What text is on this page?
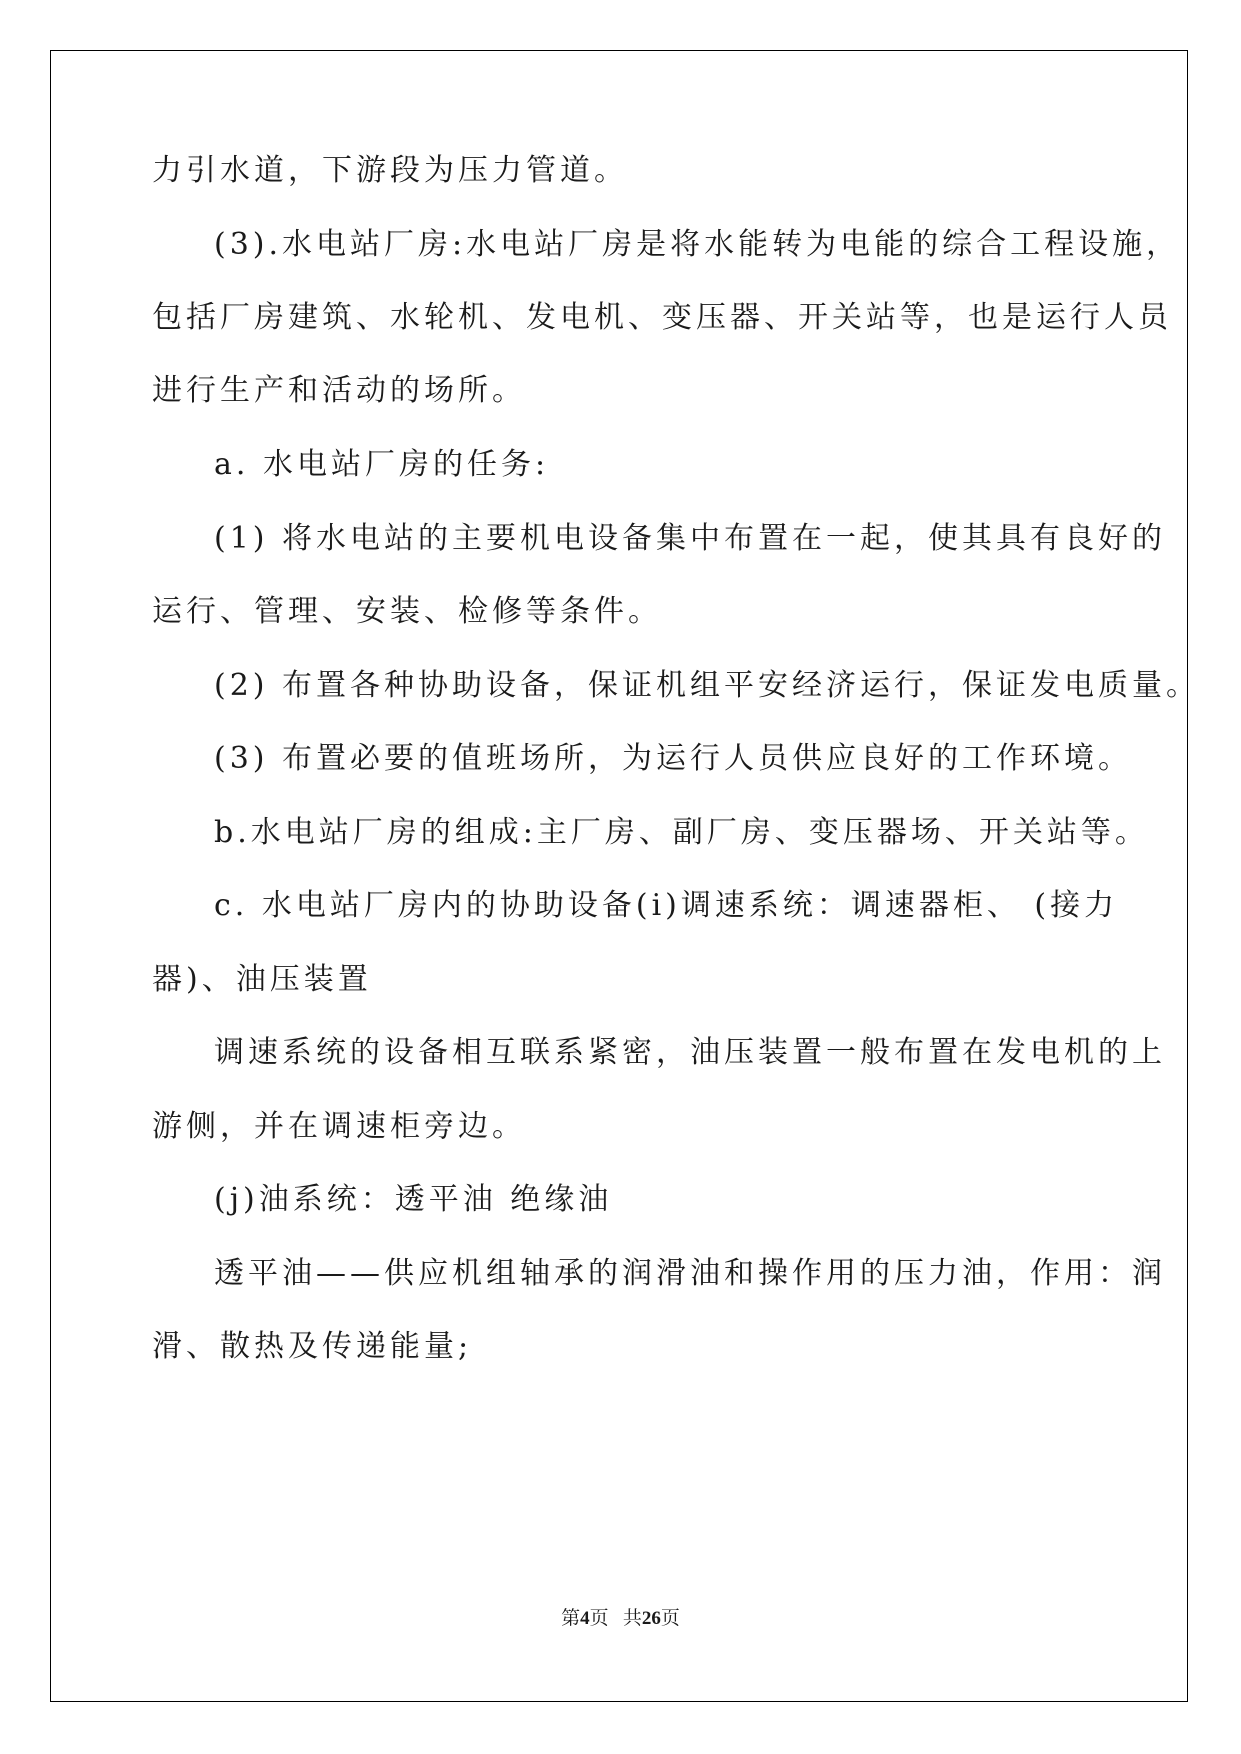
力引水道，下游段为压力管道。
(3).水电站厂房:水电站厂房是将水能转为电能的综合工程设施，
包括厂房建筑、水轮机、发电机、变压器、开关站等，也是运行人员
进行生产和活动的场所。
a. 水电站厂房的任务:
(1) 将水电站的主要机电设备集中布置在一起，使其具有良好的
运行、管理、安装、检修等条件。
(2) 布置各种协助设备，保证机组平安经济运行，保证发电质量。
(3) 布置必要的值班场所，为运行人员供应良好的工作环境。
b.水电站厂房的组成:主厂房、副厂房、变压器场、开关站等。
c. 水电站厂房内的协助设备(i)调速系统：调速器柜、 (接力
器)、油压装置
调速系统的设备相互联系紧密，油压装置一般布置在发电机的上
游侧，并在调速柜旁边。
(j)油系统：透平油 绝缘油
透平油——供应机组轴承的润滑油和操作用的压力油，作用：润
滑、散热及传递能量;
第4页 共26页
